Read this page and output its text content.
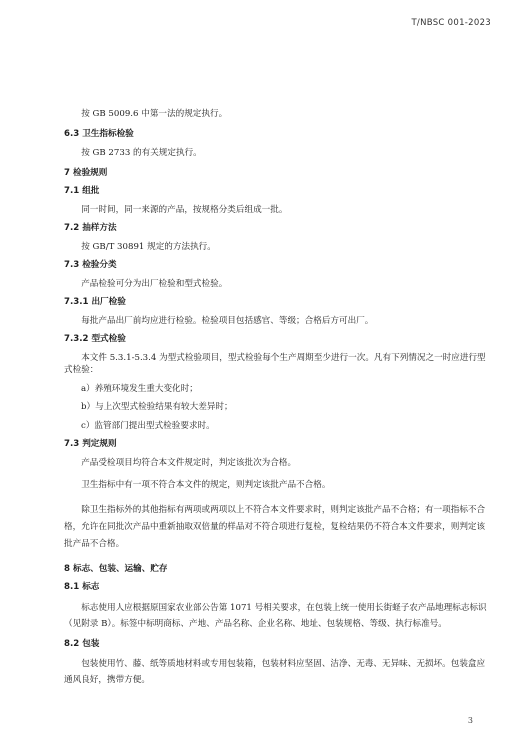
T/NBSC 001-2023
按 GB 5009.6 中第一法的规定执行。
6.3 卫生指标检验
按 GB 2733 的有关规定执行。
7 检验规则
7.1 组批
同一时间，同一来源的产品，按规格分类后组成一批。
7.2 抽样方法
按 GB/T 30891 规定的方法执行。
7.3 检验分类
产品检验可分为出厂检验和型式检验。
7.3.1 出厂检验
每批产品出厂前均应进行检验。检验项目包括感官、等级；合格后方可出厂。
7.3.2 型式检验
本文件 5.3.1-5.3.4 为型式检验项目，型式检验每个生产周期至少进行一次。凡有下列情况之一时应进行型式检验：
a）养殖环境发生重大变化时；
b）与上次型式检验结果有较大差异时；
c）监管部门提出型式检验要求时。
7.3 判定规则
产品受检项目均符合本文件规定时，判定该批次为合格。
卫生指标中有一项不符合本文件的规定，则判定该批产品不合格。
除卫生指标外的其他指标有两项或两项以上不符合本文件要求时，则判定该批产品不合格；有一项指标不合格，允许在同批次产品中重新抽取双倍量的样品对不符合项进行复检，复检结果仍不符合本文件要求，则判定该批产品不合格。
8 标志、包装、运输、贮存
8.1 标志
标志使用人应根据原国家农业部公告第 1071 号相关要求，在包装上统一使用长街蛏子农产品地理标志标识（见附录 B）。标签中标明商标、产地、产品名称、企业名称、地址、包装规格、等级、执行标准号。
8.2 包装
包装使用竹、藤、纸等质地材料或专用包装箱，包装材料应坚固、洁净、无毒、无异味、无损坏。包装盒应通风良好，携带方便。
3
